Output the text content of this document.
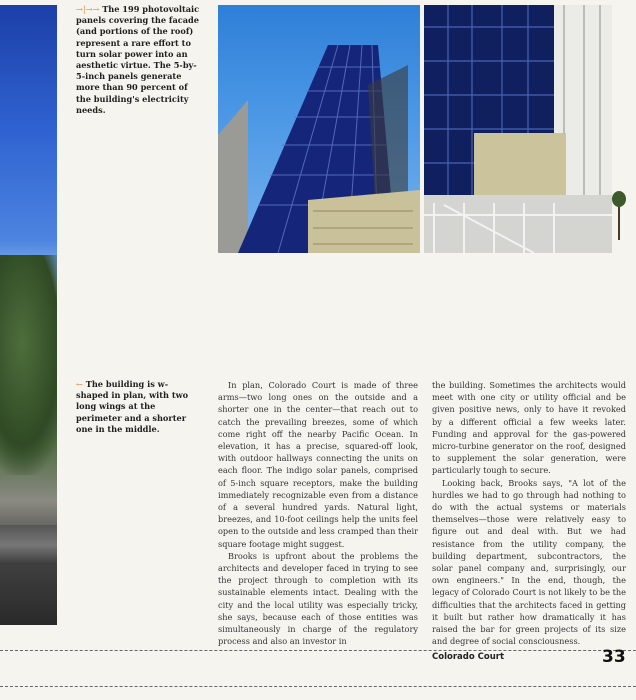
→|→→ The 199 photovoltaic panels covering the facade (and portions of the roof) represent a rare effort to turn solar power into an aesthetic virtue. The 5-by-5-inch panels generate more than 90 percent of the building's electricity needs.
← The building is w-shaped in plan, with two long wings at the perimeter and a shorter one in the middle.

In plan, Colorado Court is made of three arms—two long ones on the outside and a shorter one in the center—that reach out to catch the prevailing breezes, some of which come right off the nearby Pacific Ocean. In elevation, it has a precise, squared-off look, with outdoor hallways connecting the units on each floor. The indigo solar panels, comprised of 5-inch square receptors, make the building immediately recognizable even from a distance of a several hundred yards. Natural light, breezes, and 10-foot ceilings help the units feel open to the outside and less cramped than their square footage might suggest.

Brooks is upfront about the problems the architects and developer faced in trying to see the project through to completion with its sustainable elements intact. Dealing with the city and the local utility was especially tricky, she says, because each of those entities was simultaneously in charge of the regulatory process and also an investor in

the building. Sometimes the architects would meet with one city or utility official and be given positive news, only to have it revoked by a different official a few weeks later. Funding and approval for the gas-powered micro-turbine generator on the roof, designed to supplement the solar generation, were particularly tough to secure.

Looking back, Brooks says, "A lot of the hurdles we had to go through had nothing to do with the actual systems or materials themselves—those were relatively easy to figure out and deal with. But we had resistance from the utility company, the building department, subcontractors, the solar panel company and, surprisingly, our own engineers." In the end, though, the legacy of Colorado Court is not likely to be the difficulties that the architects faced in getting it built but rather how dramatically it has raised the bar for green projects of its size and degree of social consciousness.

Colorado Court	33
